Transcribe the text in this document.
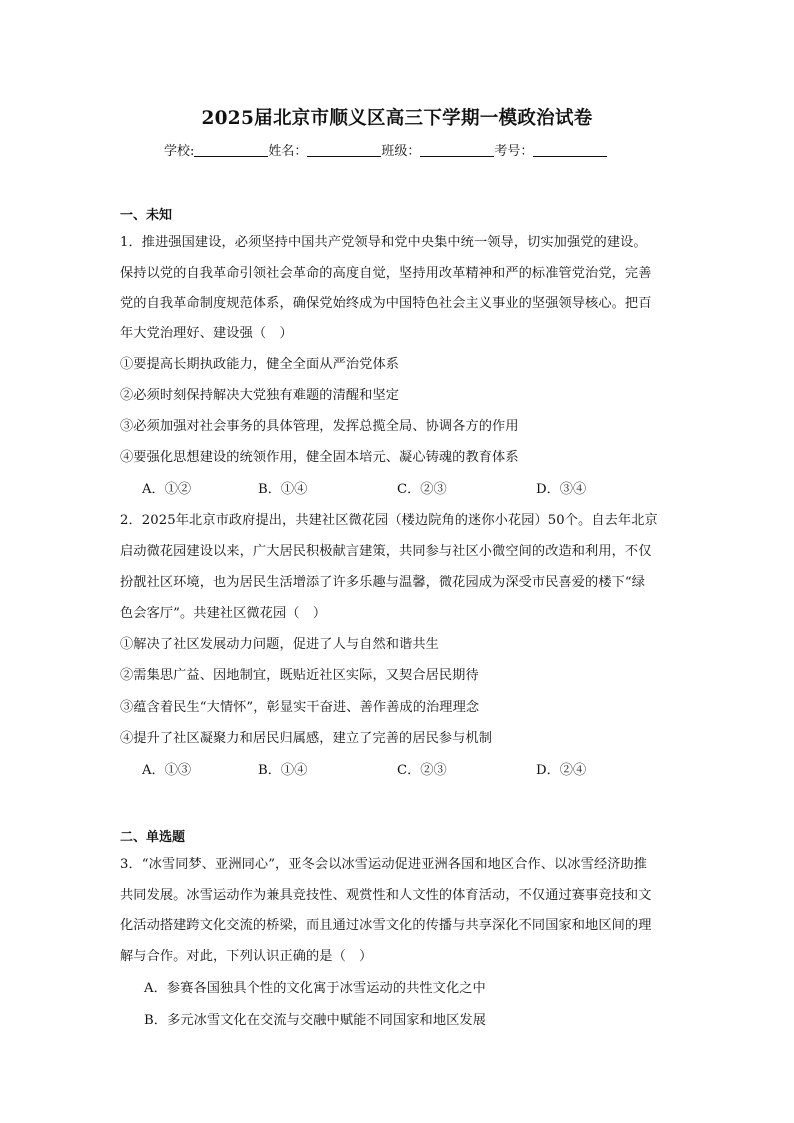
2025届北京市顺义区高三下学期一模政治试卷
学校:	姓名：	班级：	考号：
一、未知
1．推进强国建设，必须坚持中国共产党领导和党中央集中统一领导，切实加强党的建设。
保持以党的自我革命引领社会革命的高度自觉，坚持用改革精神和严的标准管党治党，完善
党的自我革命制度规范体系，确保党始终成为中国特色社会主义事业的坚强领导核心。把百
年大党治理好、建设强（　）
①要提高长期执政能力，健全全面从严治党体系
②必须时刻保持解决大党独有难题的清醒和坚定
③必须加强对社会事务的具体管理，发挥总揽全局、协调各方的作用
④要强化思想建设的统领作用，健全固本培元、凝心铸魂的教育体系
A．①②	B．①④	C．②③	D．③④
2．2025年北京市政府提出，共建社区微花园（楼边院角的迷你小花园）50个。自去年北京
启动微花园建设以来，广大居民积极献言建策，共同参与社区小微空间的改造和利用，不仅
扮靓社区环境，也为居民生活增添了许多乐趣与温馨，微花园成为深受市民喜爱的楼下“绿
色会客厅”。共建社区微花园（　）
①解决了社区发展动力问题，促进了人与自然和谐共生
②需集思广益、因地制宜，既贴近社区实际，又契合居民期待
③蕴含着民生“大情怀”，彰显实干奋进、善作善成的治理理念
④提升了社区凝聚力和居民归属感，建立了完善的居民参与机制
A．①③	B．①④	C．②③	D．②④
二、单选题
3．“冰雪同梦、亚洲同心”，亚冬会以冰雪运动促进亚洲各国和地区合作、以冰雪经济助推
共同发展。冰雪运动作为兼具竞技性、观赏性和人文性的体育活动，不仅通过赛事竞技和文
化活动搭建跨文化交流的桥梁，而且通过冰雪文化的传播与共享深化不同国家和地区间的理
解与合作。对此，下列认识正确的是（　）
A．参赛各国独具个性的文化寓于冰雪运动的共性文化之中
B．多元冰雪文化在交流与交融中赋能不同国家和地区发展
